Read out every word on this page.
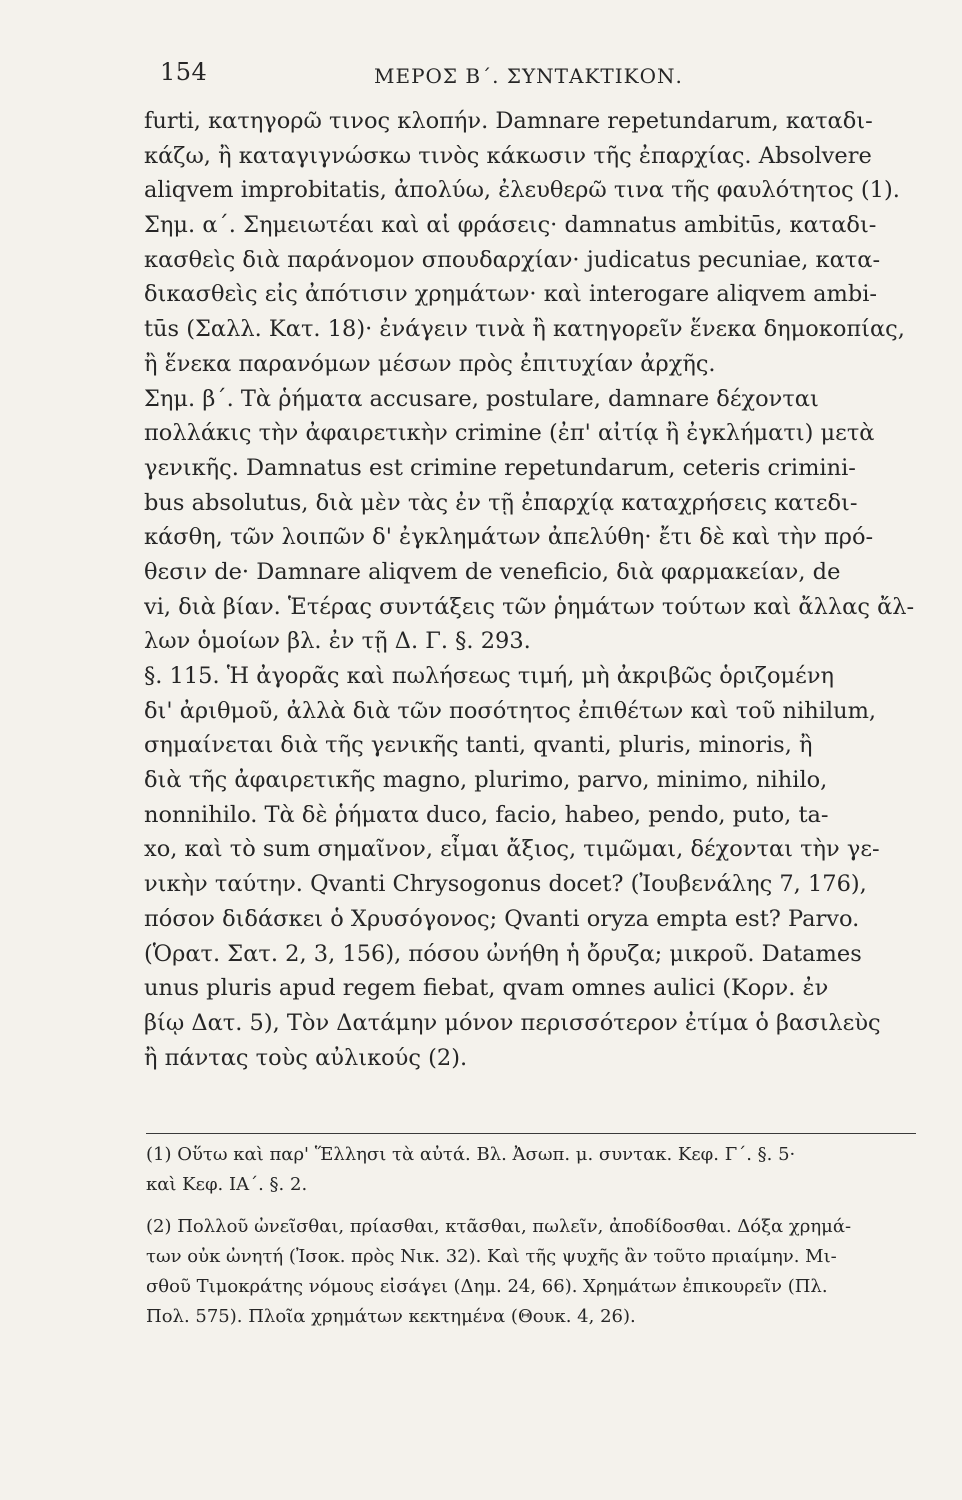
154	ΜΕΡΟΣ Β΄. ΣΥΝΤΑΚΤΙΚΟΝ.
furti, κατηγορῶ τινος κλοπήν. Damnare repetundarum, καταδι-
κάζω, ἢ καταγιγνώσκω τινὸς κάκωσιν τῆς ἐπαρχίας. Absolvere
aliqvem improbitatis, ἀπολύω, ἐλευθερῶ τινα τῆς φαυλότητος (1).
Σημ. α΄. Σημειωτέαι καὶ αἱ φράσεις· damnatus ambitūs, καταδι-
κασθεὶς διὰ παράνομον σπουδαρχίαν· judicatus pecuniae, κατα-
δικασθεὶς εἰς ἀπότισιν χρημάτων· καὶ interogare aliqvem ambi-
tūs (Σαλλ. Κατ. 18)· ἐνάγειν τινὰ ἢ κατηγορεῖν ἕνεκα δημοκοπίας,
ἢ ἕνεκα παρανόμων μέσων πρὸς ἐπιτυχίαν ἀρχῆς.
Σημ. β΄. Τὰ ῥήματα accusare, postulare, damnare δέχονται
πολλάκις τὴν ἀφαιρετικὴν crimine (ἐπ' αἰτίᾳ ἢ ἐγκλήματι) μετὰ
γενικῆς. Damnatus est crimine repetundarum, ceteris crimini-
bus absolutus, διὰ μὲν τὰς ἐν τῇ ἐπαρχίᾳ καταχρήσεις κατεδι-
κάσθη, τῶν λοιπῶν δ' ἐγκλημάτων ἀπελύθη· ἔτι δὲ καὶ τὴν πρό-
θεσιν de· Damnare aliqvem de veneficio, διὰ φαρμακείαν, de
vi, διὰ βίαν. Ἑτέρας συντάξεις τῶν ῥημάτων τούτων καὶ ἄλλας ἄλ-
λων ὁμοίων βλ. ἐν τῇ Δ. Γ. §. 293.
§. 115. Ἡ ἀγορᾶς καὶ πωλήσεως τιμή, μὴ ἀκριβῶς ὁριζομένη
δι' ἀριθμοῦ, ἀλλὰ διὰ τῶν ποσότητος ἐπιθέτων καὶ τοῦ nihilum,
σημαίνεται διὰ τῆς γενικῆς tanti, qvanti, pluris, minoris, ἢ
διὰ τῆς ἀφαιρετικῆς magno, plurimo, parvo, minimo, nihilo,
nonnihilo. Τὰ δὲ ῥήματα duco, facio, habeo, pendo, puto, ta-
xo, καὶ τὸ sum σημαῖνον, εἶμαι ἄξιος, τιμῶμαι, δέχονται τὴν γε-
νικὴν ταύτην. Qvanti Chrysogonus docet? (Ἰουβενάλης 7, 176),
πόσον διδάσκει ὁ Χρυσόγονος; Qvanti oryza empta est? Parvo.
(Ὁρατ. Σατ. 2, 3, 156), πόσου ὠνήθη ἡ ὄρυζα; μικροῦ. Datames
unus pluris apud regem fiebat, qvam omnes aulici (Κορν. ἐν
βίῳ Δατ. 5), Τὸν Δατάμην μόνον περισσότερον ἐτίμα ὁ βασιλεὺς
ἢ πάντας τοὺς αὐλικούς (2).
(1) Οὕτω καὶ παρ' Ἕλλησι τὰ αὐτά. Βλ. Ἀσωπ. μ. συντακ. Κεφ. Γ΄. §. 5·
καὶ Κεφ. ΙΑ΄. §. 2.
(2) Πολλοῦ ὠνεῖσθαι, πρίασθαι, κτᾶσθαι, πωλεῖν, ἀποδίδοσθαι. Δόξα χρημά-
των οὐκ ὠνητή (Ἰσοκ. πρὸς Νικ. 32). Καὶ τῆς ψυχῆς ἂν τοῦτο πριαίμην. Μι-
σθοῦ Τιμοκράτης νόμους εἰσάγει (Δημ. 24, 66). Χρημάτων ἐπικουρεῖν (Πλ.
Πολ. 575). Πλοῖα χρημάτων κεκτημένα (Θουκ. 4, 26).
